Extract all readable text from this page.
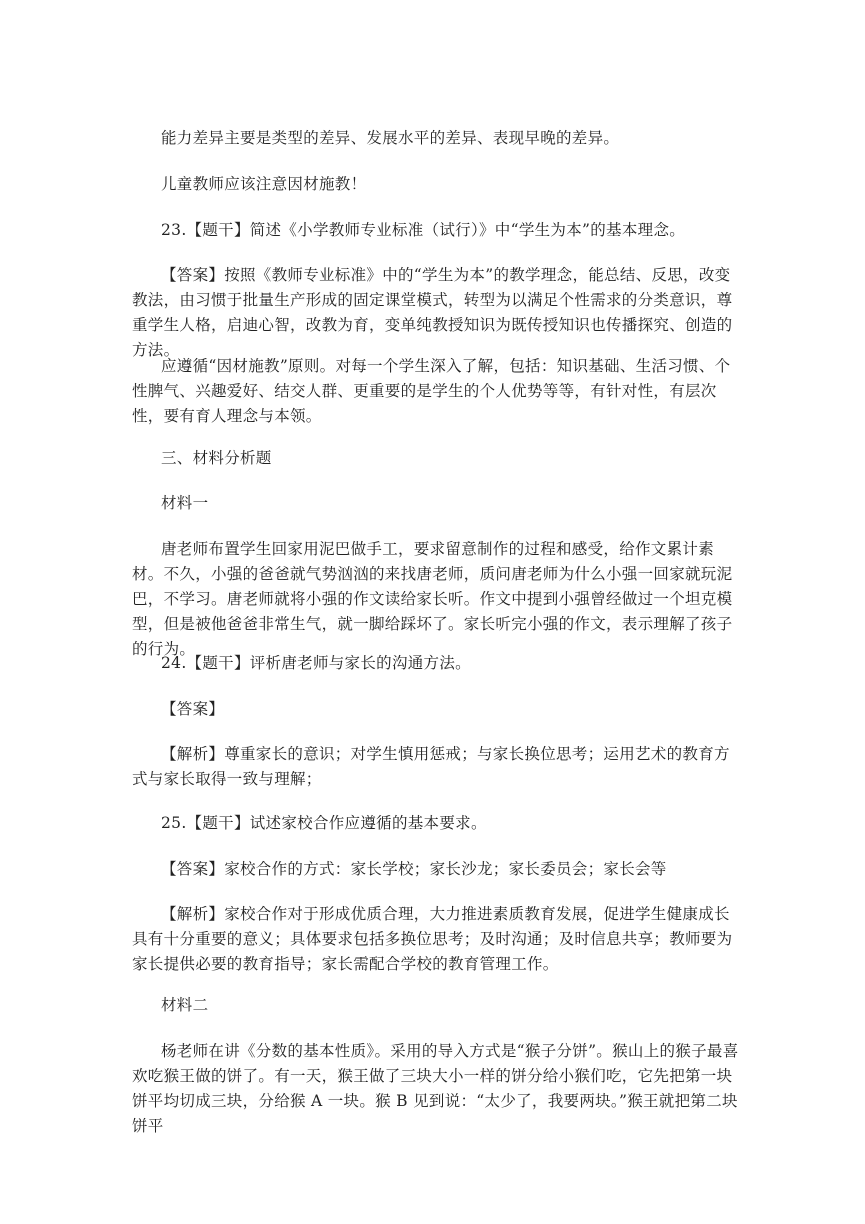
能力差异主要是类型的差异、发展水平的差异、表现早晚的差异。

儿童教师应该注意因材施教！

23.【题干】简述《小学教师专业标准（试行）》中“学生为本”的基本理念。

【答案】按照《教师专业标准》中的“学生为本”的教学理念，能总结、反思，改变教法，由习惯于批量生产形成的固定课堂模式，转型为以满足个性需求的分类意识，尊重学生人格，启迪心智，改教为育，变单纯教授知识为既传授知识也传播探究、创造的方法。

应遵循“因材施教”原则。对每一个学生深入了解，包括：知识基础、生活习惯、个性脾气、兴趣爱好、结交人群、更重要的是学生的个人优势等等，有针对性，有层次性，要有育人理念与本领。

三、材料分析题

材料一

唐老师布置学生回家用泥巴做手工，要求留意制作的过程和感受，给作文累计素材。不久，小强的爸爸就气势汹汹的来找唐老师，质问唐老师为什么小强一回家就玩泥巴，不学习。唐老师就将小强的作文读给家长听。作文中提到小强曾经做过一个坦克模型，但是被他爸爸非常生气，就一脚给踩坏了。家长听完小强的作文，表示理解了孩子的行为。

24.【题干】评析唐老师与家长的沟通方法。

【答案】

【解析】尊重家长的意识；对学生慎用惩戒；与家长换位思考；运用艺术的教育方式与家长取得一致与理解；

25.【题干】试述家校合作应遵循的基本要求。

【答案】家校合作的方式：家长学校；家长沙龙；家长委员会；家长会等

【解析】家校合作对于形成优质合理，大力推进素质教育发展，促进学生健康成长具有十分重要的意义；具体要求包括多换位思考；及时沟通；及时信息共享；教师要为家长提供必要的教育指导；家长需配合学校的教育管理工作。

材料二

杨老师在讲《分数的基本性质》。采用的导入方式是“猴子分饼”。猴山上的猴子最喜欢吃猴王做的饼了。有一天，猴王做了三块大小一样的饼分给小猴们吃，它先把第一块饼平均切成三块，分给猴 A 一块。猴 B 见到说：“太少了，我要两块。”猴王就把第二块饼平
